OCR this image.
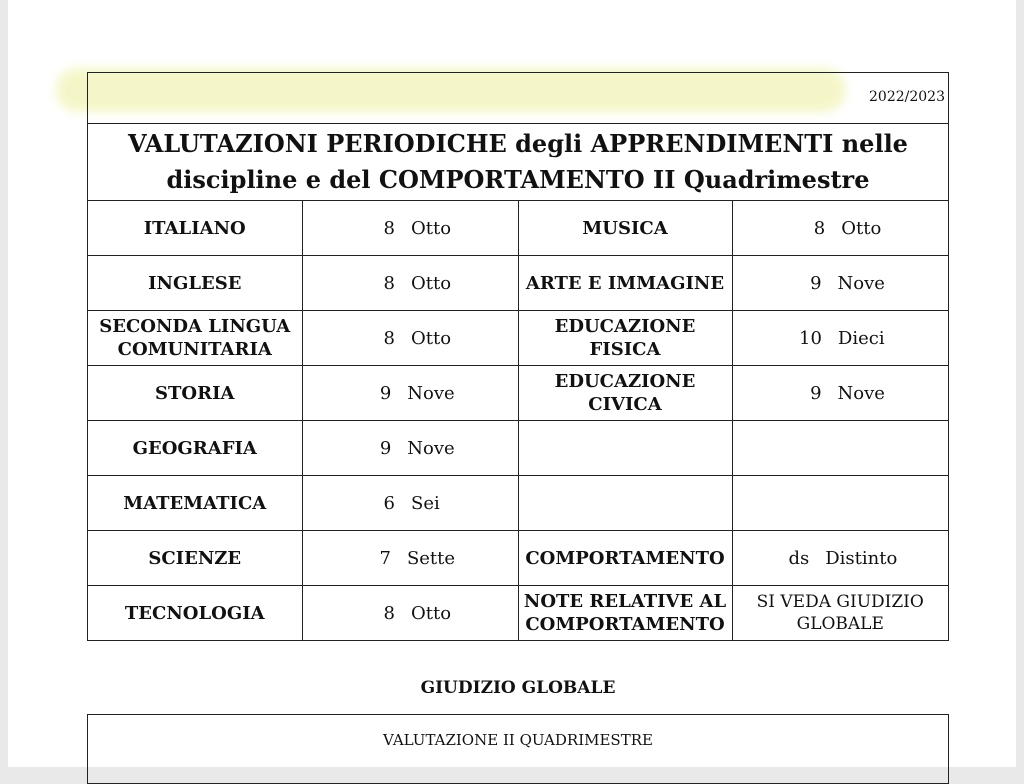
2022/2023
VALUTAZIONI PERIODICHE degli APPRENDIMENTI nelle
discipline e del COMPORTAMENTO II Quadrimestre
ITALIANO	8 Otto	MUSICA	8 Otto
INGLESE	8 Otto	ARTE E IMMAGINE	9 Nove
SECONDA LINGUA COMUNITARIA	8 Otto	EDUCAZIONE FISICA	10 Dieci
STORIA	9 Nove	EDUCAZIONE CIVICA	9 Nove
GEOGRAFIA	9 Nove		
MATEMATICA	6 Sei		
SCIENZE	7 Sette	COMPORTAMENTO	ds Distinto
TECNOLOGIA	8 Otto	NOTE RELATIVE AL COMPORTAMENTO	SI VEDA GIUDIZIO GLOBALE
GIUDIZIO GLOBALE
VALUTAZIONE II QUADRIMESTRE
